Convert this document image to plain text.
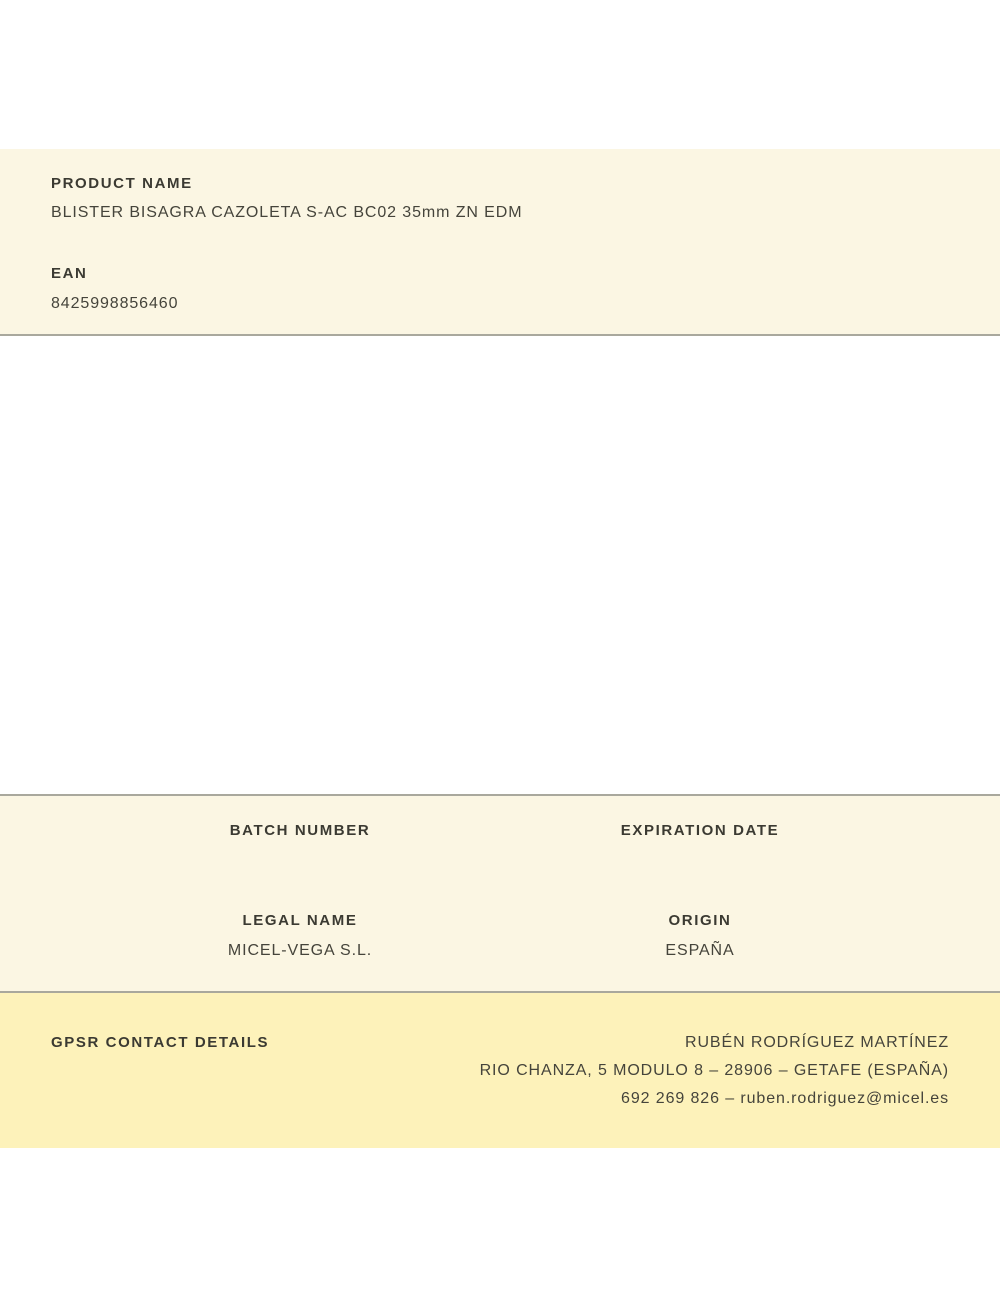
PRODUCT NAME
BLISTER BISAGRA CAZOLETA S-AC BC02 35mm ZN EDM
EAN
8425998856460
BATCH NUMBER	EXPIRATION DATE
LEGAL NAME
MICEL-VEGA S.L.
ORIGIN
ESPAÑA
GPSR CONTACT DETAILS	RUBÉN RODRÍGUEZ MARTÍNEZ
RIO CHANZA, 5 MODULO 8 – 28906 – GETAFE (ESPAÑA)
692 269 826 – ruben.rodriguez@micel.es
